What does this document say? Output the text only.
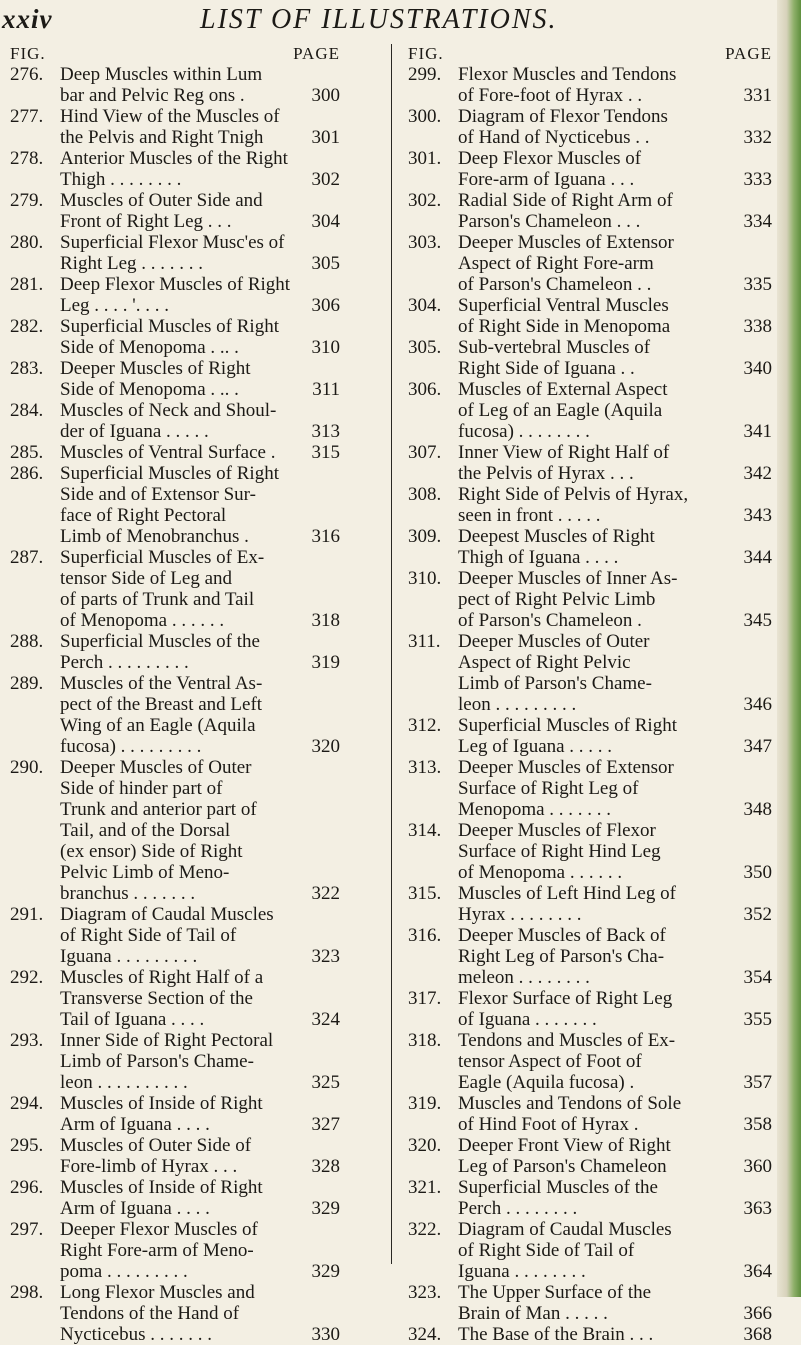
xxiv	LIST OF ILLUSTRATIONS.
FIG.	PAGE
276. Deep Muscles within Lum
bar and Pelvic Reg ons .	300
277. Hind View of the Muscles of
the Pelvis and Right Tnigh	301
278. Anterior Muscles of the Right
Thigh . . . . . . . .	302
279. Muscles of Outer Side and
Front of Right Leg . . .	304
280. Superficial Flexor Musc'es of
Right Leg . . . . . . .	305
281. Deep Flexor Muscles of Right
Leg . . . . '. . . .	306
282. Superficial Muscles of Right
Side of Menopoma . .. .	310
283. Deeper Muscles of Right
Side of Menopoma . .. .	311
284. Muscles of Neck and Shoul-
der of Iguana . . . . .	313
285. Muscles of Ventral Surface .	315
286. Superficial Muscles of Right
Side and of Extensor Sur-
face of Right Pectoral
Limb of Menobranchus .	316
287. Superficial Muscles of Ex-
tensor Side of Leg and
of parts of Trunk and Tail
of Menopoma . . . . . .	318
288. Superficial Muscles of the
Perch . . . . . . . . .	319
289. Muscles of the Ventral As-
pect of the Breast and Left
Wing of an Eagle (Aquila
fucosa) . . . . . . . . .	320
290. Deeper Muscles of Outer
Side of hinder part of
Trunk and anterior part of
Tail, and of the Dorsal
(ex ensor) Side of Right
Pelvic Limb of Meno-
branchus . . . . . . .	322
291. Diagram of Caudal Muscles
of Right Side of Tail of
Iguana . . . . . . . . .	323
292. Muscles of Right Half of a
Transverse Section of the
Tail of Iguana . . . .	324
293. Inner Side of Right Pectoral
Limb of Parson's Chame-
leon . . . . . . . . . .	325
294. Muscles of Inside of Right
Arm of Iguana . . . .	327
295. Muscles of Outer Side of
Fore-limb of Hyrax . . .	328
296. Muscles of Inside of Right
Arm of Iguana . . . .	329
297. Deeper Flexor Muscles of
Right Fore-arm of Meno-
poma . . . . . . . . .	329
298. Long Flexor Muscles and
Tendons of the Hand of
Nycticebus . . . . . . .	330
FIG.	PAGE
299. Flexor Muscles and Tendons
of Fore-foot of Hyrax . .	331
300. Diagram of Flexor Tendons
of Hand of Nycticebus . .	332
301. Deep Flexor Muscles of
Fore-arm of Iguana . . .	333
302. Radial Side of Right Arm of
Parson's Chameleon . . .	334
303. Deeper Muscles of Extensor
Aspect of Right Fore-arm
of Parson's Chameleon . .	335
304. Superficial Ventral Muscles
of Right Side in Menopoma	338
305. Sub-vertebral Muscles of
Right Side of Iguana . .	340
306. Muscles of External Aspect
of Leg of an Eagle (Aquila
fucosa) . . . . . . . .	341
307. Inner View of Right Half of
the Pelvis of Hyrax . . .	342
308. Right Side of Pelvis of Hyrax,
seen in front . . . . .	343
309. Deepest Muscles of Right
Thigh of Iguana . . . .	344
310. Deeper Muscles of Inner As-
pect of Right Pelvic Limb
of Parson's Chameleon .	345
311. Deeper Muscles of Outer
Aspect of Right Pelvic
Limb of Parson's Chame-
leon . . . . . . . . .	346
312. Superficial Muscles of Right
Leg of Iguana . . . . .	347
313. Deeper Muscles of Extensor
Surface of Right Leg of
Menopoma . . . . . . .	348
314. Deeper Muscles of Flexor
Surface of Right Hind Leg
of Menopoma . . . . . .	350
315. Muscles of Left Hind Leg of
Hyrax . . . . . . . .	352
316. Deeper Muscles of Back of
Right Leg of Parson's Cha-
meleon . . . . . . . .	354
317. Flexor Surface of Right Leg
of Iguana . . . . . . .	355
318. Tendons and Muscles of Ex-
tensor Aspect of Foot of
Eagle (Aquila fucosa) .	357
319. Muscles and Tendons of Sole
of Hind Foot of Hyrax .	358
320. Deeper Front View of Right
Leg of Parson's Chameleon	360
321. Superficial Muscles of the
Perch . . . . . . . .	363
322. Diagram of Caudal Muscles
of Right Side of Tail of
Iguana . . . . . . . .	364
323. The Upper Surface of the
Brain of Man . . . . .	366
324. The Base of the Brain . . .	368
